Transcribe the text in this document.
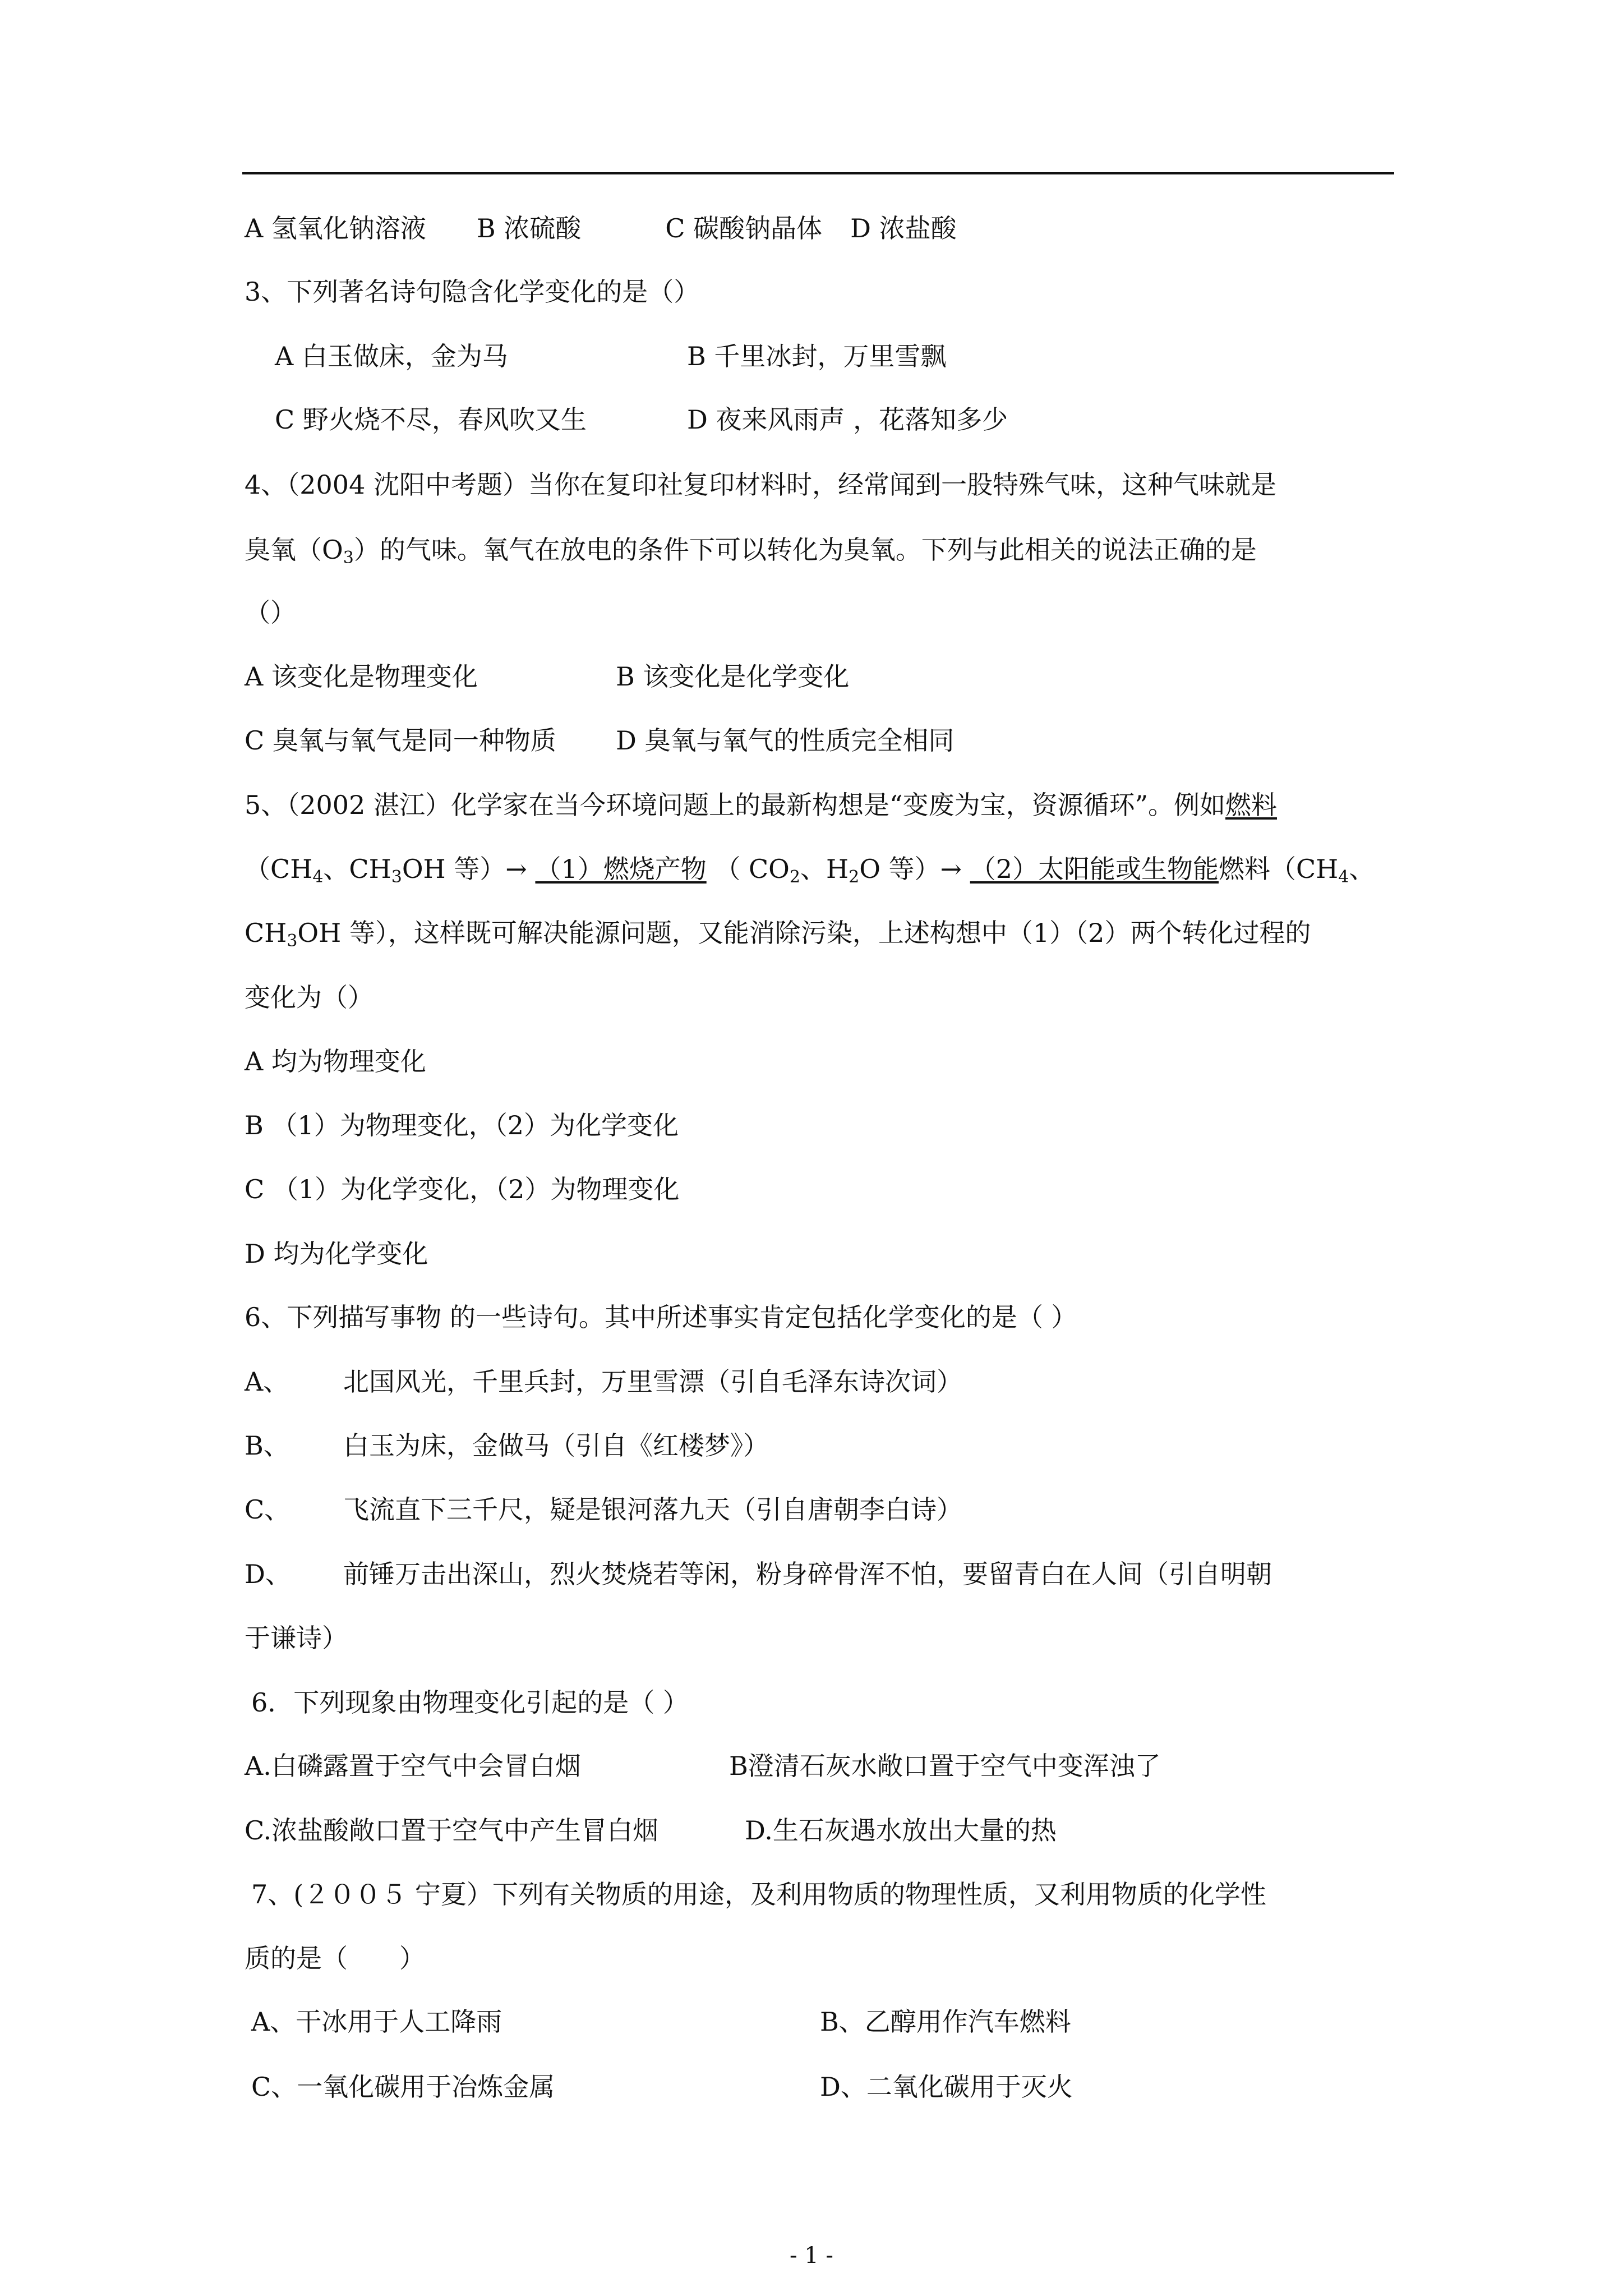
A 氢氧化钠溶液 B 浓硫酸	C 碳酸钠晶体 D 浓盐酸
3、下列著名诗句隐含化学变化的是（）
A 白玉做床，金为马	B 千里冰封，万里雪飘
C 野火烧不尽，春风吹又生	D 夜来风雨声 ，花落知多少
4、（2004 沈阳中考题）当你在复印社复印材料时，经常闻到一股特殊气味，这种气味就是
臭氧$(O_3)$的气味。氧气在放电的条件下可以转化为臭氧。下列与此相关的说法正确的是
（）
A 该变化是物理变化	B 该变化是化学变化
C 臭氧与氧气是同一种物质 D 臭氧与氧气的性质完全相同
5、（2002 湛江）化学家在当今环境问题上的最新构想是“变废为宝，资源循环”。例如燃料
（$CH_4$、$CH_3OH$ 等）→ （1）燃烧产物 （ $CO_2$、$H_2O$ 等）→ （2）太阳能或生物能燃料（$CH_4$、
$CH_3OH$ 等），这样既可解决能源问题，又能消除污染，上述构想中（1）（2）两个转化过程的
变化为（）
A 均为物理变化
B （1）为物理变化，（2）为化学变化
C （1）为化学变化，（2）为物理变化
D 均为化学变化
6、下列描写事物 的一些诗句。其中所述事实肯定包括化学变化的是（ ）
A、 北国风光，千里兵封，万里雪漂（引自毛泽东诗次词）
B、 白玉为床，金做马（引自《红楼梦》）
C、 飞流直下三千尺，疑是银河落九天（引自唐朝李白诗）
D、 前锤万击出深山，烈火焚烧若等闲，粉身碎骨浑不怕，要留青白在人间（引自明朝
于谦诗）
6．下列现象由物理变化引起的是（ ）
A.白磷露置于空气中会冒白烟	B澄清石灰水敞口置于空气中变浑浊了
C.浓盐酸敞口置于空气中产生冒白烟	D.生石灰遇水放出大量的热
7、(２００５ 宁夏）下列有关物质的用途，及利用物质的物理性质，又利用物质的化学性
质的是（　　）
A、干冰用于人工降雨	B、乙醇用作汽车燃料
C、一氧化碳用于冶炼金属	D、二氧化碳用于灭火
- 1 -
